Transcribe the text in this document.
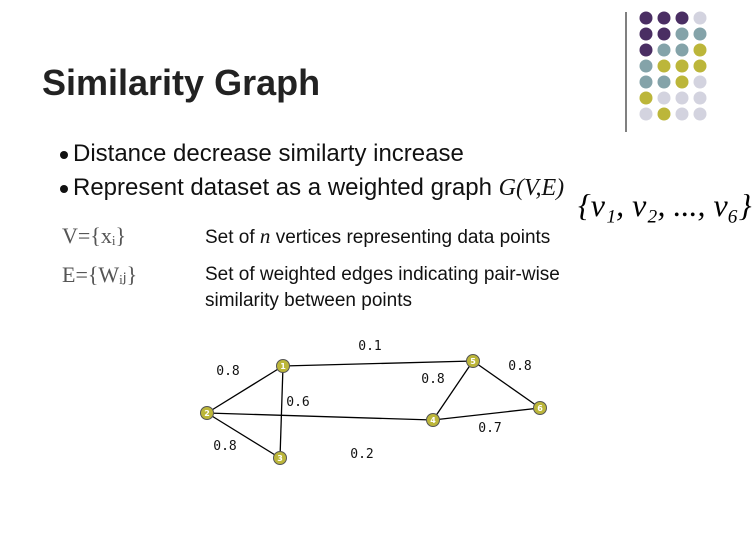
Similarity Graph
Distance decrease similarty increase
Represent dataset as a weighted graph G(V,E) {v₁, v₂, ..., v₆}
V={xᵢ}	Set of n vertices representing data points
E={Wᵢⱼ}	Set of weighted edges indicating pair-wise
similarity between points
0.1
0.8
0.8
0.8
0.6
0.8
0.7
0.2
1
2
3
4
5
6
